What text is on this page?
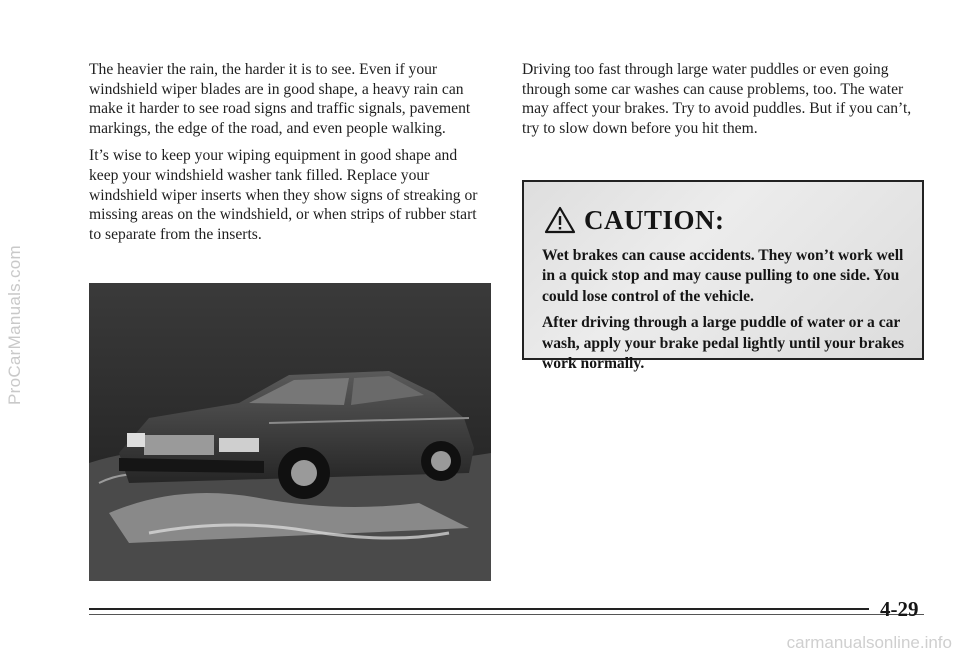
ProCarManuals.com

The heavier the rain, the harder it is to see. Even if your windshield wiper blades are in good shape, a heavy rain can make it harder to see road signs and traffic signals, pavement markings, the edge of the road, and even people walking.

It’s wise to keep your wiping equipment in good shape and keep your windshield washer tank filled. Replace your windshield wiper inserts when they show signs of streaking or missing areas on the windshield, or when strips of rubber start to separate from the inserts.

Driving too fast through large water puddles or even going through some car washes can cause problems, too. The water may affect your brakes. Try to avoid puddles. But if you can’t, try to slow down before you hit them.

CAUTION:

Wet brakes can cause accidents. They won’t work well in a quick stop and may cause pulling to one side. You could lose control of the vehicle.

After driving through a large puddle of water or a car wash, apply your brake pedal lightly until your brakes work normally.

4-29
carmanualsonline.info
